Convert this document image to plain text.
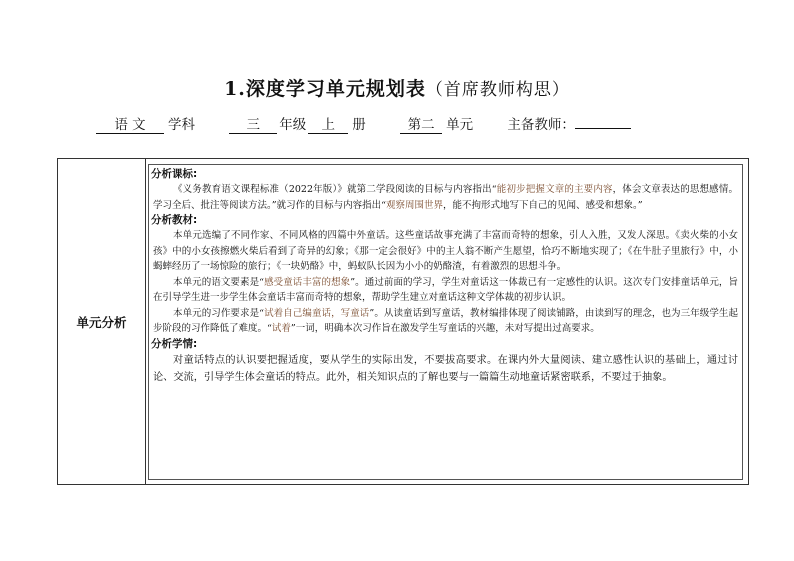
1.深度学习单元规划表（首席教师构思）
语 文 学科	三 年级 上 册	第二 单元	主备教师：
单元分析
分析课标:
《义务教育语文课程标准（2022年版）》就第二学段阅读的目标与内容指出“能初步把握文章的主要内容，体会文章表达的思想感情。学习全后、批注等阅读方法。”就习作的目标与内容指出“观察周围世界，能不拘形式地写下自己的见闻、感受和想象。”
分析教材:
本单元选编了不同作家、不同风格的四篇中外童话。这些童话故事充满了丰富而奇特的想象，引人入胜，又发人深思。《卖火柴的小女孩》中的小女孩擦燃火柴后看到了奇异的幻象；《那一定会很好》中的主人翁不断产生愿望，恰巧不断地实现了；《在牛肚子里旅行》中，小蝎蟀经历了一场惊险的旅行；《一块奶酪》中，蚂蚁队长因为小小的奶酪渣，有着激烈的思想斗争。
本单元的语文要素是“感受童话丰富的想象”。通过前面的学习，学生对童话这一体裁已有一定感性的认识。这次专门安排童话单元，旨在引导学生进一步学生体会童话丰富而奇特的想象，帮助学生建立对童话这种文学体裁的初步认识。
本单元的习作要求是“试着自己编童话，写童话”。从读童话到写童话，教材编排体现了阅读铺路，由读到写的理念，也为三年级学生起步阶段的习作降低了难度。“试着”一词，明确本次习作旨在激发学生写童话的兴趣，未对写提出过高要求。
分析学情:
对童话特点的认识要把握适度，要从学生的实际出发，不要拔高要求。在课内外大量阅读、建立感性认识的基础上，通过讨论、交流，引导学生体会童话的特点。此外，相关知识点的了解也要与一篇篇生动地童话紧密联系，不要过于抽象。
